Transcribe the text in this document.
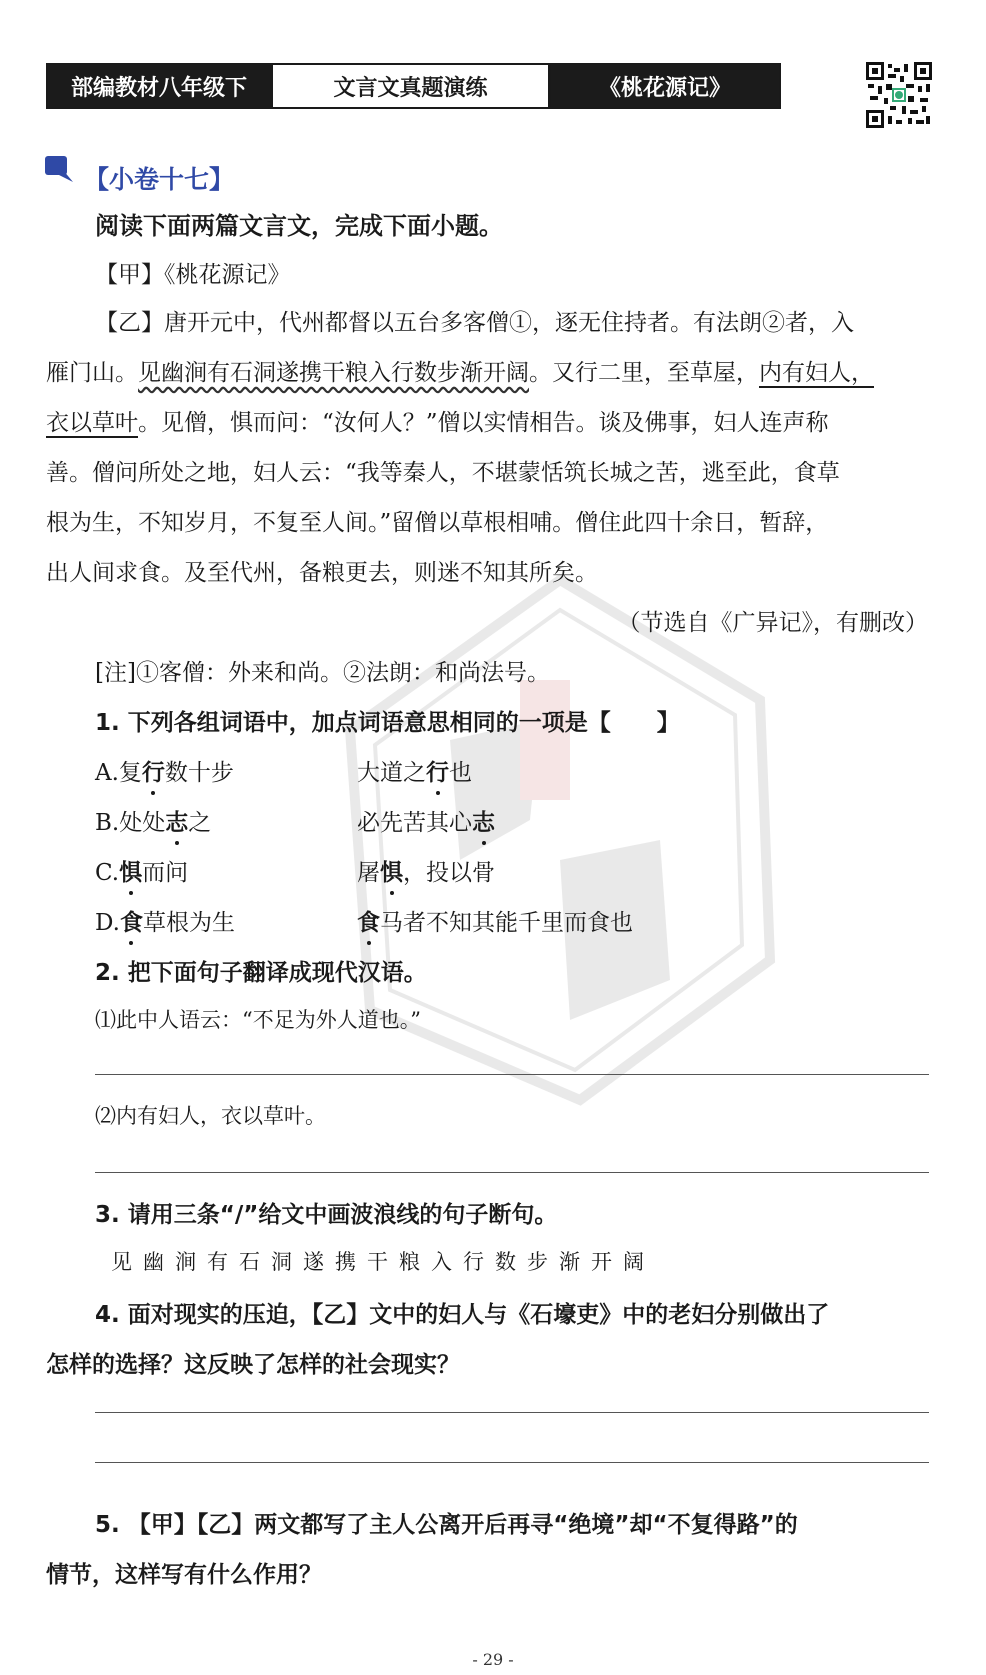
部编教材八年级下	文言文真题演练	《桃花源记》
【小卷十七】
阅读下面两篇文言文，完成下面小题。
【甲】《桃花源记》
【乙】唐开元中，代州都督以五台多客僧①，逐无住持者。有法朗②者，入
雁门山。见幽涧有石洞遂携干粮入行数步渐开阔。又行二里，至草屋，内有妇人，
衣以草叶。见僧，惧而问：“汝何人？”僧以实情相告。谈及佛事，妇人连声称
善。僧问所处之地，妇人云：“我等秦人，不堪蒙恬筑长城之苦，逃至此，食草
根为生，不知岁月，不复至人间。”留僧以草根相哺。僧住此四十余日，暂辞，
出人间求食。及至代州，备粮更去，则迷不知其所矣。
（节选自《广异记》，有删改）
[注]①客僧：外来和尚。②法朗：和尚法号。
1. 下列各组词语中，加点词语意思相同的一项是【　　】
A.复行数十步	大道之行也
B.处处志之	必先苦其心志
C.惧而问	屠惧，投以骨
D.食草根为生	食马者不知其能千里而食也
2. 把下面句子翻译成现代汉语。
⑴此中人语云：“不足为外人道也。”
⑵内有妇人，衣以草叶。
3. 请用三条“/”给文中画波浪线的句子断句。
见幽涧有石洞遂携干粮入行数步渐开阔
4. 面对现实的压迫，【乙】文中的妇人与《石壕吏》中的老妇分别做出了
怎样的选择？这反映了怎样的社会现实？
5. 【甲】【乙】两文都写了主人公离开后再寻“绝境”却“不复得路”的
情节，这样写有什么作用？
- 29 -
